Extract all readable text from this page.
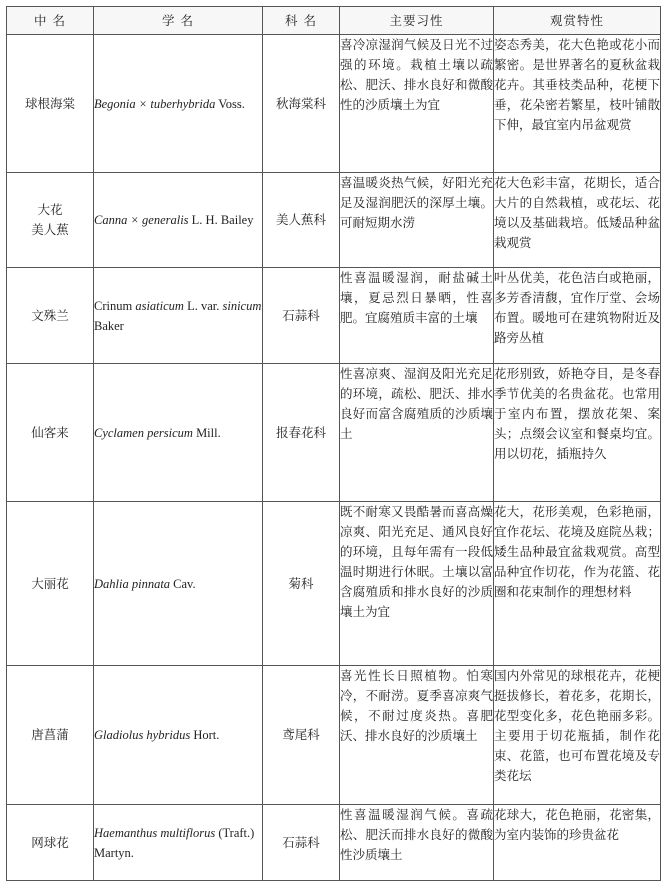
中 名	学 名	科 名	主要习性	观赏特性

球根海棠	Begonia × tuberhybrida Voss.	秋海棠科	喜冷凉湿润气候及日光不过强的环境。栽植土壤以疏松、肥沃、排水良好和微酸性的沙质壤土为宜	姿态秀美，花大色艳或花小而繁密。是世界著名的夏秋盆栽花卉。其垂枝类品种，花梗下垂，花朵密若繁星，枝叶铺散下伸，最宜室内吊盆观赏

大花
美人蕉	Canna × generalis L. H. Bailey	美人蕉科	喜温暖炎热气候，好阳光充足及湿润肥沃的深厚土壤。可耐短期水涝	花大色彩丰富，花期长，适合大片的自然栽植，或花坛、花境以及基础栽培。低矮品种盆栽观赏

文殊兰	Crinum asiaticum L. var. sinicum Baker	石蒜科	性喜温暖湿润，耐盐碱土壤，夏忌烈日暴晒，性喜肥。宜腐殖质丰富的土壤	叶丛优美，花色洁白或艳丽，多芳香清馥，宜作厅堂、会场布置。暖地可在建筑物附近及路旁丛植

仙客来	Cyclamen persicum Mill.	报春花科	性喜凉爽、湿润及阳光充足的环境，疏松、肥沃、排水良好而富含腐殖质的沙质壤土	花形别致，娇艳夺目，是冬春季节优美的名贵盆花。也常用于室内布置，摆放花架、案头；点缀会议室和餐桌均宜。用以切花，插瓶持久

大丽花	Dahlia pinnata Cav.	菊科	既不耐寒又畏酷暑而喜高燥凉爽、阳光充足、通风良好的环境，且每年需有一段低温时期进行休眠。土壤以富含腐殖质和排水良好的沙质壤土为宜	花大，花形美观，色彩艳丽，宜作花坛、花境及庭院丛栽；矮生品种最宜盆栽观赏。高型品种宜作切花，作为花篮、花圈和花束制作的理想材料

唐菖蒲	Gladiolus hybridus Hort.	鸢尾科	喜光性长日照植物。怕寒冷，不耐涝。夏季喜凉爽气候，不耐过度炎热。喜肥沃、排水良好的沙质壤土	国内外常见的球根花卉，花梗挺拔修长，着花多，花期长，花型变化多，花色艳丽多彩。主要用于切花瓶插，制作花束、花篮，也可布置花境及专类花坛

网球花	Haemanthus multiflorus (Traft.) Martyn.	石蒜科	性喜温暖湿润气候。喜疏松、肥沃而排水良好的微酸性沙质壤土	花球大，花色艳丽，花密集，为室内装饰的珍贵盆花
